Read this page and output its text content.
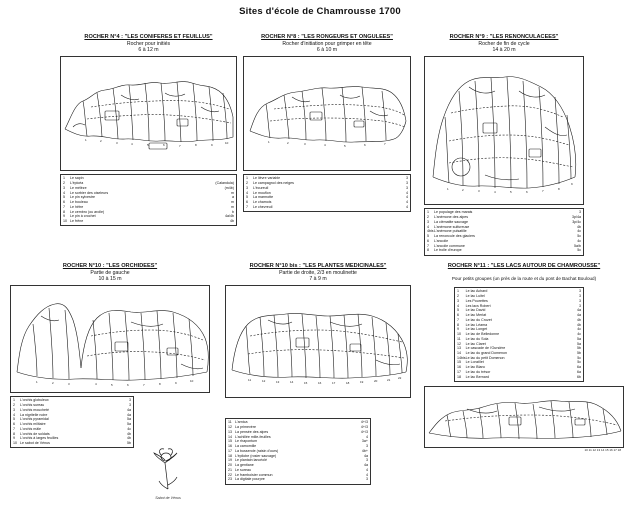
Sites d'école de Chamrousse 1700
ROCHER N°4 : "LES CONIFERES ET FEUILLUS"
Rocher pour initiés
6 à 12 m
1	2	3	4	5	6	7	8	9	10
1	Le sapin	
2	L'épicéa	(Calandula)
3	Le mélèze	(m4b)
4	Le sorbier des oiseleurs	m
5	Le pin sylvestre	a
6	Le bouleau	m
7	Le hêtre	m
8	Le cembro (ou arolle)	b
9	Le pin à crochet	4a/4b
10	Le frêne	4b
ROCHER N°8 : "LES RONGEURS ET ONGULEES"
Rocher d'initiation pour grimper en tête
6 à 10 m
1	2	3	4	5	6	7
1	Le lièvre variable	3
2	Le campagnol des neiges	3
3	L'écureuil	3
4	Le mouflon	4
5	La marmotte	4
6	Le chamois	4
7	Le chevreuil	4
ROCHER N°9 : "LES RENONCULACEES"
Rocher de fin de cycle
14 à 20 m
1	2	3	4	5	6	7	8
9
1	Le populage des marais	3
2	L'anémone des alpes	3p/4a
3	La clématite sauvage	3p/4c
4	L'anémone sulfureuse	4b
4bis	L'anémone pulsatille	4c
5	La renoncule des glaciers	5c
6	L'ancolie	4c
7	L'ancolie commune	5a/b
8	Le trolle d'europe	5c
ROCHER N°10 : "LES ORCHIDEES"
Partie de gauche
10 à 15 m
1	2	3	4	5	6	7	8	9	10
1	L'orchis globuleux	3
2	L'orchis sureau	3
3	L'orchis moucheté	4a
4	La nigritelle noire	4a
5	L'orchis pyramidal	5a
6	L'orchis militaire	5a
7	L'orchis mâle	4c
8	L'orchis de soldats	4b
9	L'orchis à larges feuilles	4b
10	Le sabot de Vénus	5b
Sabot de Vénus
ROCHER N°10 bis : "LES PLANTES MEDICINALES"
Partie de droite, 2/3 en moulinette
7 à 9 m
11	12	13	14	15	16	17	18	19	20	21	22
11	L'arnica	4+/3
12	La primevère	4+/3
13	La pensée des alpes	4+/3
14	L'achillée mille-feuilles	4
15	Le rhapontum	3a+
16	La camomille	3
17	La busserole (raisin d'ours)	4b+
18	L'épilobe (rosier sauvage)	4a
19	Le plantain lancéolé	3
20	La gentiane	4a
21	Le sureau	4
22	Le framboisier commun	4
23	La digitale pourpre	3
ROCHER N°11 : "LES LACS AUTOUR DE CHAMROUSSE"
Pour petits groupes (un près de la route et du pont de Bachat Bouloud)
1	Le lac Achard	3
2	Le lac Luitel	3
3	Les Pourettes	3
4	Les lacs Robert	3
5	Le lac David	4a
6	Le lac Merlat	4a
7	Le lac du Crozet	4b
8	Le lac Léama	4b
9	Le lac Longet	4c
10	Le lac de Belledonne	4c
11	Le lac du Sola	5a
12	Le lac Claret	5a
13	Le cascade de l'Oursière	5b
14	Le lac du grand Domenon	5b
14bis	Le lac du petit Domenon	5c
15	Le Lonzillet	5c
16	Le lac Blanc	6a
17	Le lac du trésor	6a
18	Le lac Bernard	6b
10 11 12 13 14 15 16 17 18
